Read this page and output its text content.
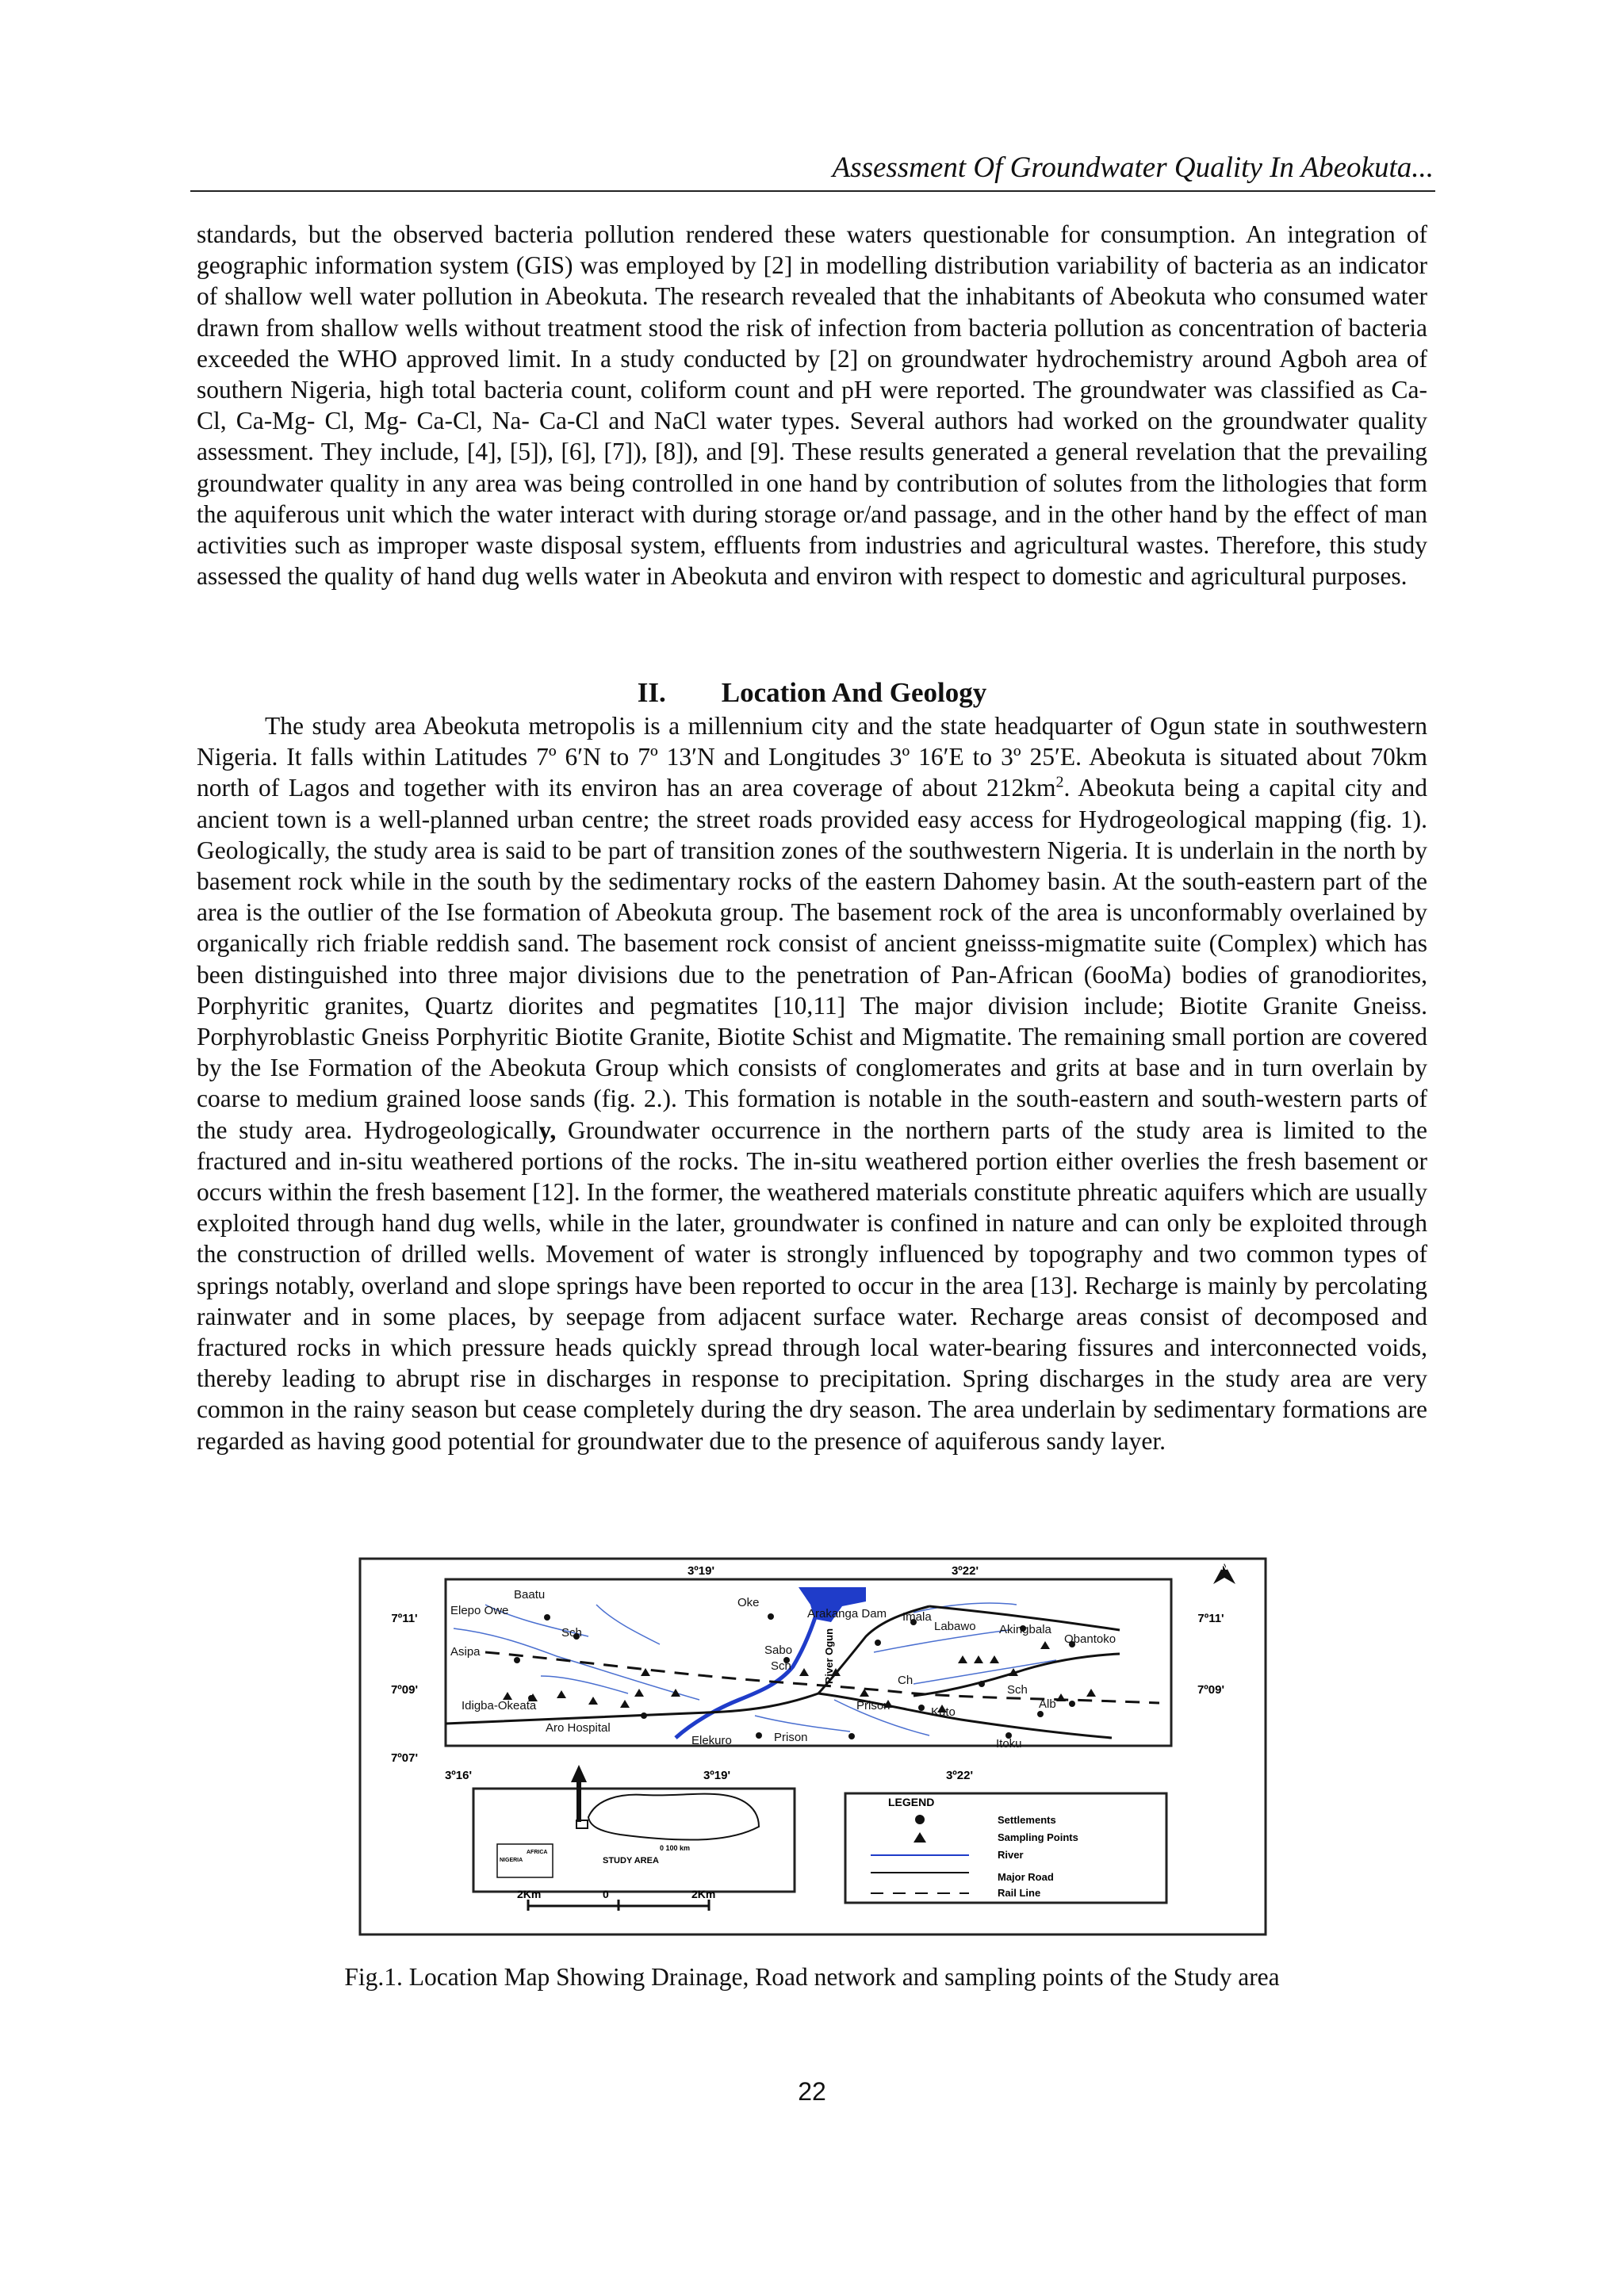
Assessment Of Groundwater Quality In Abeokuta...

standards, but the observed bacteria pollution rendered these waters questionable for consumption. An integration of geographic information system (GIS) was employed by [2] in modelling distribution variability of bacteria as an indicator of shallow well water pollution in Abeokuta. The research revealed that the inhabitants of Abeokuta who consumed water drawn from shallow wells without treatment stood the risk of infection from bacteria pollution as concentration of bacteria exceeded the WHO approved limit. In a study conducted by [2] on groundwater hydrochemistry around Agboh area of southern Nigeria, high total bacteria count, coliform count and pH were reported. The groundwater was classified as Ca-Cl, Ca-Mg- Cl, Mg- Ca-Cl, Na- Ca-Cl and NaCl water types. Several authors had worked on the groundwater quality assessment. They include, [4], [5]), [6], [7]), [8]), and [9]. These results generated a general revelation that the prevailing groundwater quality in any area was being controlled in one hand by contribution of solutes from the lithologies that form the aquiferous unit which the water interact with during storage or/and passage, and in the other hand by the effect of man activities such as improper waste disposal system, effluents from industries and agricultural wastes. Therefore, this study assessed the quality of hand dug wells water in Abeokuta and environ with respect to domestic and agricultural purposes.

II. Location And Geology

The study area Abeokuta metropolis is a millennium city and the state headquarter of Ogun state in southwestern Nigeria. It falls within Latitudes 7º 6′N to 7º 13′N and Longitudes 3º 16′E to 3º 25′E. Abeokuta is situated about 70km north of Lagos and together with its environ has an area coverage of about $212km^2$. Abeokuta being a capital city and ancient town is a well-planned urban centre; the street roads provided easy access for Hydrogeological mapping (fig. 1). Geologically, the study area is said to be part of transition zones of the southwestern Nigeria. It is underlain in the north by basement rock while in the south by the sedimentary rocks of the eastern Dahomey basin. At the south-eastern part of the area is the outlier of the Ise formation of Abeokuta group. The basement rock of the area is unconformably overlained by organically rich friable reddish sand. The basement rock consist of ancient gneisss-migmatite suite (Complex) which has been distinguished into three major divisions due to the penetration of Pan-African (6ooMa) bodies of granodiorites, Porphyritic granites, Quartz diorites and pegmatites [10,11] The major division include; Biotite Granite Gneiss. Porphyroblastic Gneiss Porphyritic Biotite Granite, Biotite Schist and Migmatite. The remaining small portion are covered by the Ise Formation of the Abeokuta Group which consists of conglomerates and grits at base and in turn overlain by coarse to medium grained loose sands (fig. 2.). This formation is notable in the south-eastern and south-western parts of the study area. Hydrogeologically, Groundwater occurrence in the northern parts of the study area is limited to the fractured and in-situ weathered portions of the rocks. The in-situ weathered portion either overlies the fresh basement or occurs within the fresh basement [12]. In the former, the weathered materials constitute phreatic aquifers which are usually exploited through hand dug wells, while in the later, groundwater is confined in nature and can only be exploited through the construction of drilled wells. Movement of water is strongly influenced by topography and two common types of springs notably, overland and slope springs have been reported to occur in the area [13]. Recharge is mainly by percolating rainwater and in some places, by seepage from adjacent surface water. Recharge areas consist of decomposed and fractured rocks in which pressure heads quickly spread through local water-bearing fissures and interconnected voids, thereby leading to abrupt rise in discharges in response to precipitation. Spring discharges in the study area are very common in the rainy season but cease completely during the dry season. The area underlain by sedimentary formations are regarded as having good potential for groundwater due to the presence of aquiferous sandy layer.

3º19'	3º22'	N
7º11'
7º09'
7º07'
7º11'
7º09'
3º16'	3º19'	3º22'
River Ogun
Baatu
Elepo Owe
Oke
Arakanga Dam Imala
Labawo Akingbala
Obantoko
Sch
Asipa	Sabo
Sch
Ch
Sch
Idigba-Okeata
Aro Hospital
Elekuro	Prison
Prison	Kuto
Alb
Itoku
NIGERIA
AFRICA
STUDY AREA
0 100 km
2Km	0	2Km
LEGEND
Settlements
Sampling Points
River
Major Road
Rail Line
Fig.1. Location Map Showing Drainage, Road network and sampling points of the Study area
22
